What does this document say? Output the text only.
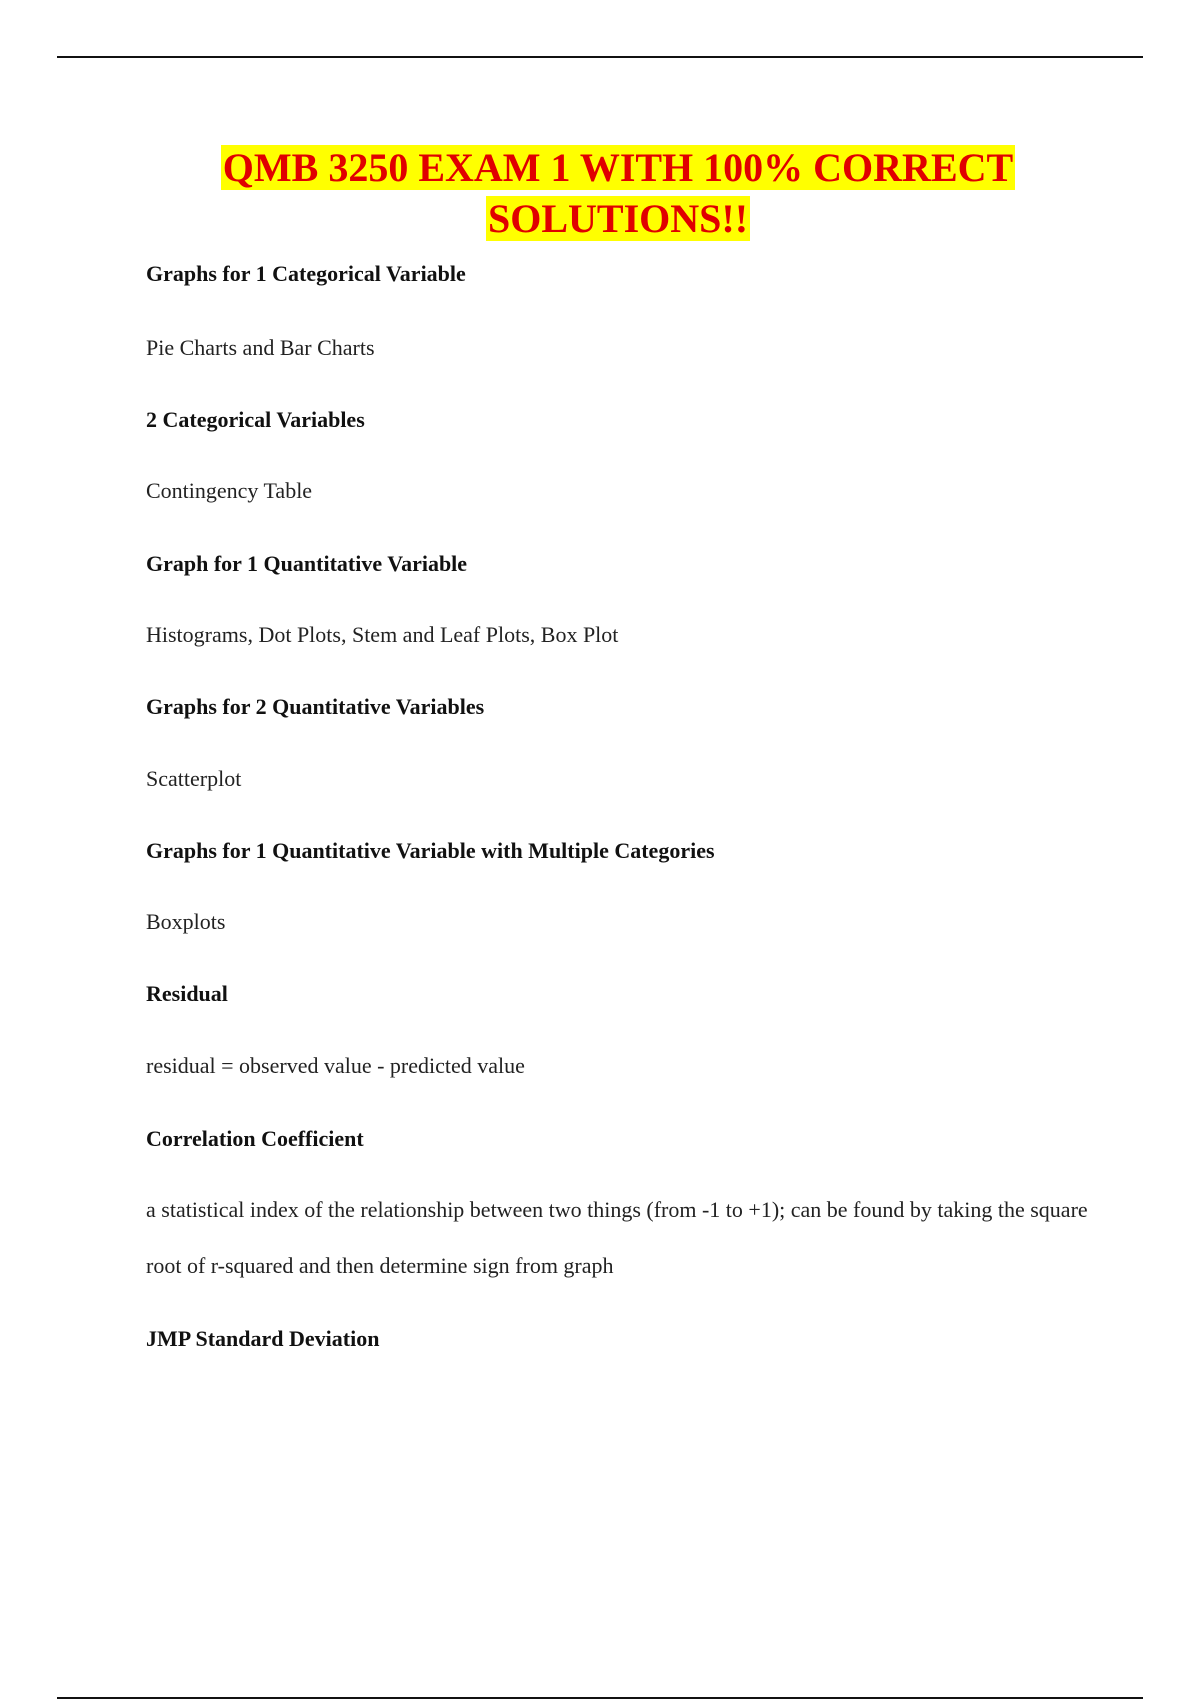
QMB 3250 EXAM 1 WITH 100% CORRECT
SOLUTIONS!!
Graphs for 1 Categorical Variable
Pie Charts and Bar Charts
2 Categorical Variables
Contingency Table
Graph for 1 Quantitative Variable
Histograms, Dot Plots, Stem and Leaf Plots, Box Plot
Graphs for 2 Quantitative Variables
Scatterplot
Graphs for 1 Quantitative Variable with Multiple Categories
Boxplots
Residual
residual = observed value - predicted value
Correlation Coefficient
a statistical index of the relationship between two things (from -1 to +1); can be found by taking the square root of r-squared and then determine sign from graph
JMP Standard Deviation
